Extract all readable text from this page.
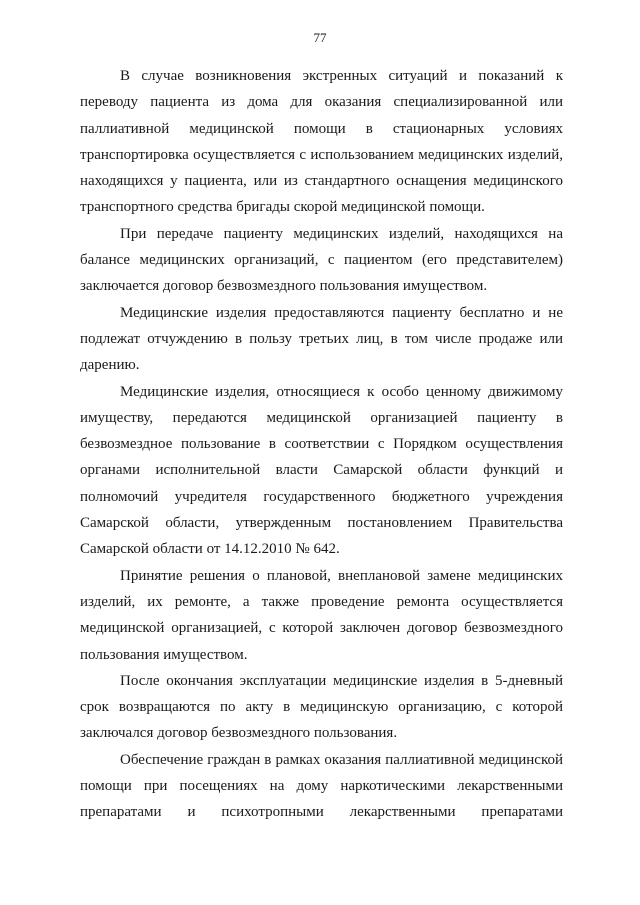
77

В случае возникновения экстренных ситуаций и показаний к переводу пациента из дома для оказания специализированной или паллиативной медицинской помощи в стационарных условиях транспортировка осуществляется с использованием медицинских изделий, находящихся у пациента, или из стандартного оснащения медицинского транспортного средства бригады скорой медицинской помощи.

При передаче пациенту медицинских изделий, находящихся на балансе медицинских организаций, с пациентом (его представителем) заключается договор безвозмездного пользования имуществом.

Медицинские изделия предоставляются пациенту бесплатно и не подлежат отчуждению в пользу третьих лиц, в том числе продаже или дарению.

Медицинские изделия, относящиеся к особо ценному движимому имуществу, передаются медицинской организацией пациенту в безвозмездное пользование в соответствии с Порядком осуществления органами исполнительной власти Самарской области функций и полномочий учредителя государственного бюджетного учреждения Самарской области, утвержденным постановлением Правительства Самарской области от 14.12.2010 № 642.

Принятие решения о плановой, внеплановой замене медицинских изделий, их ремонте, а также проведение ремонта осуществляется медицинской организацией, с которой заключен договор безвозмездного пользования имуществом.

После окончания эксплуатации медицинские изделия в 5-дневный срок возвращаются по акту в медицинскую организацию, с которой заключался договор безвозмездного пользования.

Обеспечение граждан в рамках оказания паллиативной медицинской помощи при посещениях на дому наркотическими лекарственными препаратами и психотропными лекарственными препаратами
